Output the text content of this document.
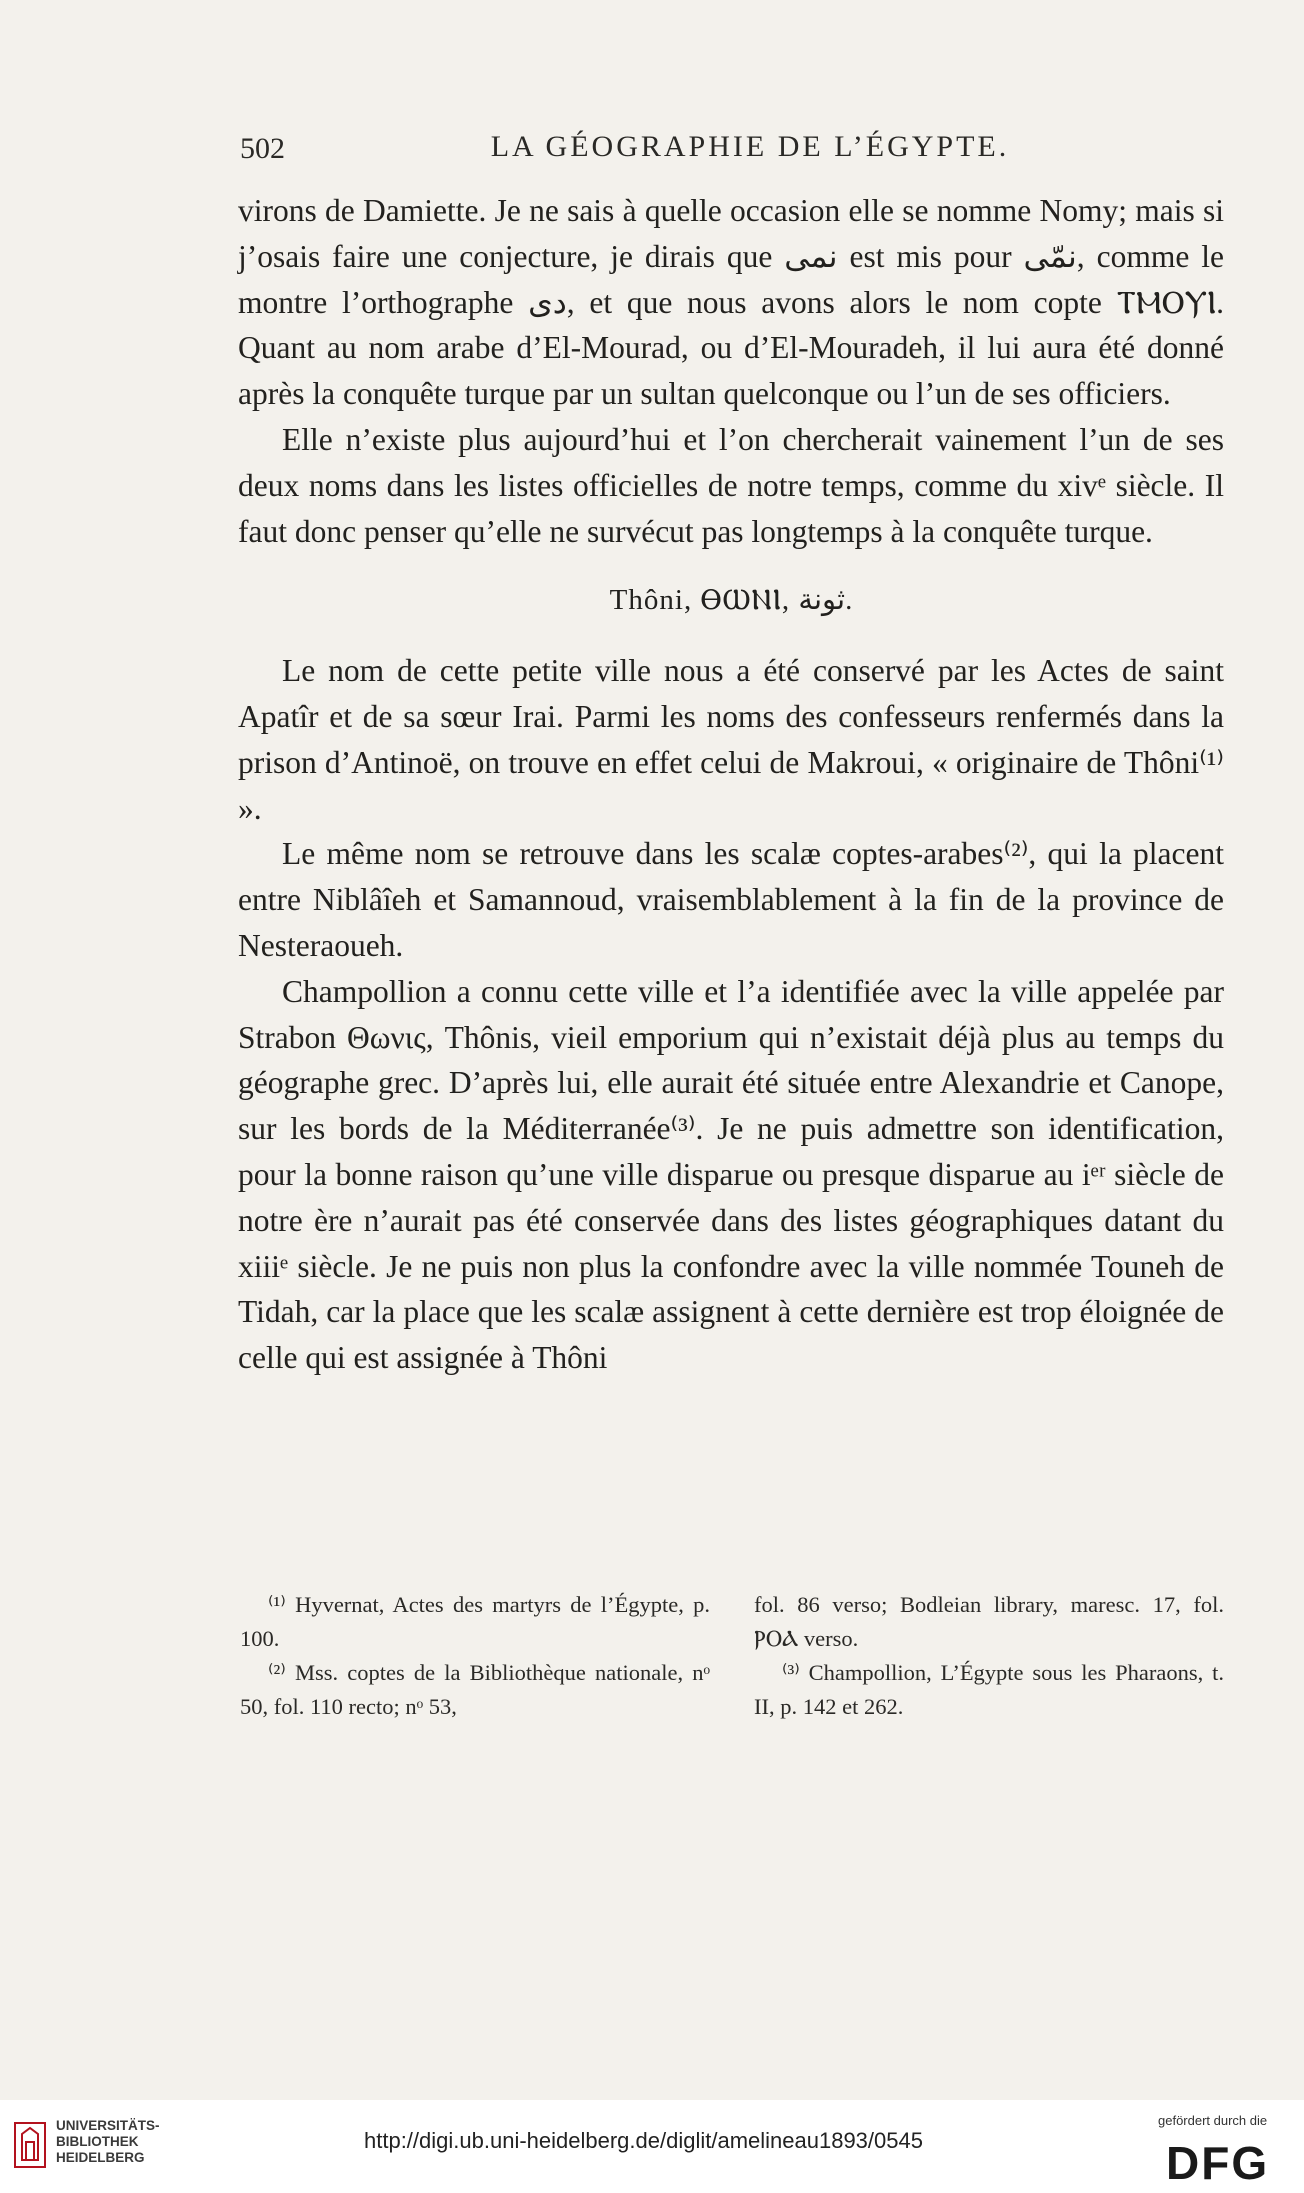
502	LA GÉOGRAPHIE DE L’ÉGYPTE.

virons de Damiette. Je ne sais à quelle occasion elle se nomme Nomy; mais si j’osais faire une conjecture, je dirais que نمى est mis pour نمّى, comme le montre l’orthographe دى, et que nous avons alors le nom copte ⲦⲘⲞⲨⲒ. Quant au nom arabe d’El-Mourad, ou d’El-Mouradeh, il lui aura été donné après la conquête turque par un sultan quelconque ou l’un de ses officiers.

Elle n’existe plus aujourd’hui et l’on chercherait vainement l’un de ses deux noms dans les listes officielles de notre temps, comme du xivᵉ siècle. Il faut donc penser qu’elle ne survécut pas longtemps à la conquête turque.

Thôni, ⲐⲰⲚⲒ, ثونة.

Le nom de cette petite ville nous a été conservé par les Actes de saint Apatîr et de sa sœur Irai. Parmi les noms des confesseurs renfermés dans la prison d’Antinoë, on trouve en effet celui de Makroui, « originaire de Thôni⁽¹⁾ ».

Le même nom se retrouve dans les scalæ coptes-arabes⁽²⁾, qui la placent entre Niblâîeh et Samannoud, vraisemblablement à la fin de la province de Nesteraoueh.

Champollion a connu cette ville et l’a identifiée avec la ville appelée par Strabon Θωνις, Thônis, vieil emporium qui n’existait déjà plus au temps du géographe grec. D’après lui, elle aurait été située entre Alexandrie et Canope, sur les bords de la Méditerranée⁽³⁾. Je ne puis admettre son identification, pour la bonne raison qu’une ville disparue ou presque disparue au iᵉʳ siècle de notre ère n’aurait pas été conservée dans des listes géographiques datant du xiiiᵉ siècle. Je ne puis non plus la confondre avec la ville nommée Touneh de Tidah, car la place que les scalæ assignent à cette dernière est trop éloignée de celle qui est assignée à Thôni

⁽¹⁾ Hyvernat, Actes des martyrs de l’Égypte, p. 100.

⁽²⁾ Mss. coptes de la Bibliothèque nationale, nᵒ 50, fol. 110 recto; nᵒ 53,

fol. 86 verso; Bodleian library, maresc. 17, fol. ⲢⲞⲀ verso.

⁽³⁾ Champollion, L’Égypte sous les Pharaons, t. II, p. 142 et 262.

UNIVERSITÄTS-
BIBLIOTHEK
HEIDELBERG
http://digi.ub.uni-heidelberg.de/diglit/amelineau1893/0545
gefördert durch die
DFG
